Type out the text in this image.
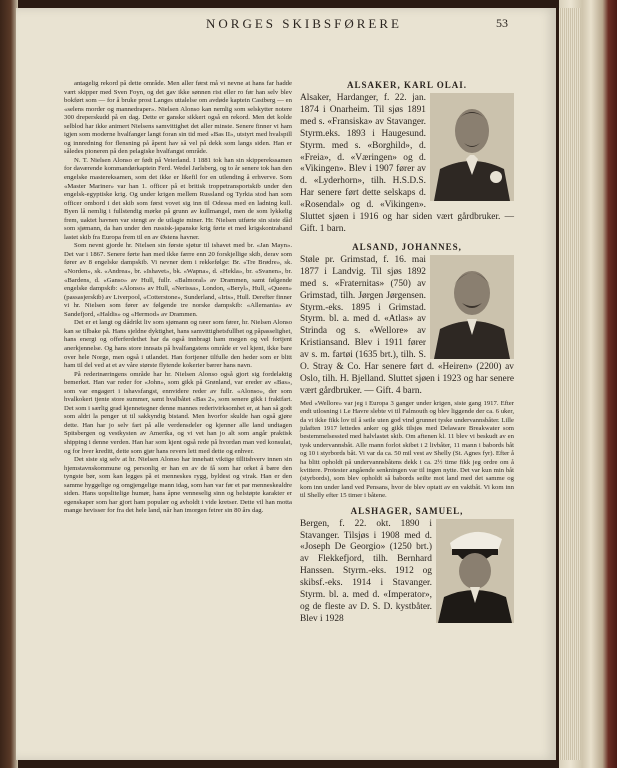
NORGES SKIBSFØRERE	53

antagelig rekord på dette område. Men aller først må vi nevne at hans far hadde vært skipper med Sven Foyn, og det gav ikke sønnen rist eller ro før han selv blev bokført som — for å bruke prost Langes uttalelse om avdøde kaptein Castberg — en «selens morder og mannedraper». Nielsen Alonso kan nemlig som selskytter notere 300 dreperskudd på en dag. Dette er ganske sikkert også en rekord. Men det kolde selblod har ikke animert Nielsens samvittighet det aller minste. Senere finner vi ham igjen som moderne hvalfanger langt foran sin tid med «Bas II», utstyrt med hvalspill og innredning for flensning på åpent hav så vel på dekk som langs siden. Han er således pioneren på den pelagiske hvalfangst område.

N. T. Nielsen Alonso er født på Veierland. I 1881 tok han sin skipperekssamen for daværende kommandørkaptein Ferd. Wedel Jarlsberg, og to år senere tok han den engelske mastereksamen, som det ikke er likefil for en utlending å erhverve. Som «Master Mariner» var han 1. officer på et britisk troppetransportskib under den engelsk-egyptiske krig. Og under krigen mellem Russland og Tyrkia stod han som officer ombord i det skib som først vovet sig inn til Odessa med en ladning kull. Byen lå nemlig i fullstendig mørke på grunn av kullmangel, men de som lykkelig frem, uaktet havnen var stengt av de utlagte miner. Hr. Nielsen utførte sin siste dåd som sjømann, da han under den russisk-japanske krig førte et med krigskontraband lastet skib fra Europa frem til en av Østens havner.

Som nevnt gjorde hr. Nielsen sin første sjøtur til ishavet med br. «Jan Mayn». Det var i 1867. Senere førte han med ikke færre enn 20 forskjellige skib, derav som fører av 8 engelske dampskib. Vi nevner dem i rekkefølge: Br. «Tre Brødre», sk. «Norden», sk. «Andrea», br. «Ishavet», bk. «Wapna», d. «Hekla», br. «Svanen», br. «Bardens, d. «Ganso» av Hull, fullr. «Balmoral» av Drammen, samt følgende engelske dampskib: «Alonso» av Hull, «Nerissa», London, «Beryl», Hull, «Queen» (passasjerskib) av Liverpool, «Cotterstone», Sunderland, «Iris», Hull. Derefter finner vi hr. Nielsen som fører av følgende tre norske dampskib: «Allemania» av Sandefjord, «Haldis» og «Hermod» av Drammen.

Det er et langt og dådrikt liv som sjømann og ræer som fører, hr. Nielsen Alonso kan se tilbake på. Hans sjeldne dyktighet, hans samvittighetsfullhet og påpasselighet, hans energi og offerferdethet har da også innbragt ham megen og vel fortjent anerkjennelse. Og hans store innsats på hvalfangstens område er vel kjent, ikke bare over hele Norge, men også i utlandet. Han fortjener tilfulle den heder som er blitt ham til del ved at et av våre største flytende kokerier bærer hans navn.

På rederinæringens område har hr. Nielsen Alonso også gjort sig fordelaktig bemerket. Han var reder for «John», som gikk på Grønland, var ereder av «Bas», som var engagert i ishavsfangst, ennvidere reder av fullr. «Alonso», der som hvalkokeri tjente store summer, samt hvalbåtet «Bas 2», som senere gikk i fraktfart. Det som i særlig grad kjennetegner denne mannes rederivirksomhet er, at han så godt som aldri la penger ut til sakkyndig bistand. Men hvorfor skulde han også gjøre dette. Han har jo selv fart på alle verdensdeler og kjenner alle land undtagen Spitsbergen og vestkysten av Amerika, og vi vet han jo alt som angår praktisk shipping i denne verden. Han har som kjent også rede på hvordan man ved konsulat, og for hver kreditt, dette som gjør hans revers lett med dette og enhver.

Det siste sig selv at hr. Nielsen Alonso har innehatt viktige tillitshverv innen sin hjemstavnskommune og personlig er han en av de få som har orket å bære den tyngste bør, som kan legges på et menneskes rygg, byldest og virak. Han er den samme hyggelige og omgjengelige mann idag, som han var før et par menneskealdre siden. Hans uopslitelige humør, hans åpne venneselig sinn og helstøpte karakter er egenskaper som har gjort ham populær og avholdt i vide kretser. Dette vil han motta mange hevisser for fra det hele land, når han imorgen feirer sin 80 års dag.

ALSAKER, KARL OLAI.

Alsaker, Hardanger, f. 22. jan. 1874 i Onarheim. Til sjøs 1891 med s. «Fransiska» av Stavanger. Styrm.eks. 1893 i Haugesund. Styrm. med s. «Borghild», d. «Freia», d. «Væringen» og d. «Vikingen». Blev i 1907 fører av d. «Lyderhorn», tilh. H.S.D.S. Har senere ført dette selskaps d. «Rosendal» og d. «Vikingen». Sluttet sjøen i 1916 og har siden vært gårdbruker. — Gift. 1 barn.

ALSAND, JOHANNES,

Støle pr. Grimstad, f. 16. mai 1877 i Landvig. Til sjøs 1892 med s. «Fraternitas» (750) av Grimstad, tilh. Jørgen Jørgensen. Styrm.-eks. 1895 i Grimstad. Styrm. bl. a. med d. «Atlas» av Strinda og s. «Wellore» av Kristiansand. Blev i 1911 fører av s. m. fartøi (1635 brt.), tilh. S. O. Stray & Co. Har senere ført d. «Heiren» (2200) av Oslo, tilh. H. Bjelland. Sluttet sjøen i 1923 og har senere vært gårdbruker. — Gift. 4 barn.

Med «Wellore» var jeg i Europa 3 ganger under krigen, siste gang 1917. Efter endt utlosning i Le Havre slebte vi til Falmouth og blev liggende der ca. 6 uker, da vi ikke fikk lov til å seile uten god vind grunnet tyske undervannsbåter. Lille julaften 1917 lettedes anker og gikk tilsjøs med Delaware Breakwater som bestemmelsessted med halvlastet skib. Om aftenen kl. 11 blev vi beskudt av en tysk undervannsbåt. Alle mann forlot skibet i 2 livbåter, 11 mann i babords båt og 10 i styrbords båt. Vi var da ca. 50 mil vest av Shelly (St. Agnes fyr). Efter å ha blitt opholdt på undervannsbåtens dekk i ca. 2½ time fikk jeg ordre om å kvittere. Protester angående senkningen var til ingen nytte. Det var kun min båt (styrbords), som blev opholdt så babords seilte mot land med det samme og kom inn under land ved Pensans, hvor de blev optatt av en vaktbåt. Vi kom inn til Shelly efter 15 timer i båtene.

ALSHAGER, SAMUEL,

Bergen, f. 22. okt. 1890 i Stavanger. Tilsjøs i 1908 med d. «Joseph De Georgio» (1250 brt.) av Flekkefjord, tilh. Bernhard Hanssen. Styrm.-eks. 1912 og skibsf.-eks. 1914 i Stavanger. Styrm. bl. a. med d. «Imperator», og de fleste av D. S. D. kystbåter. Blev i 1928
